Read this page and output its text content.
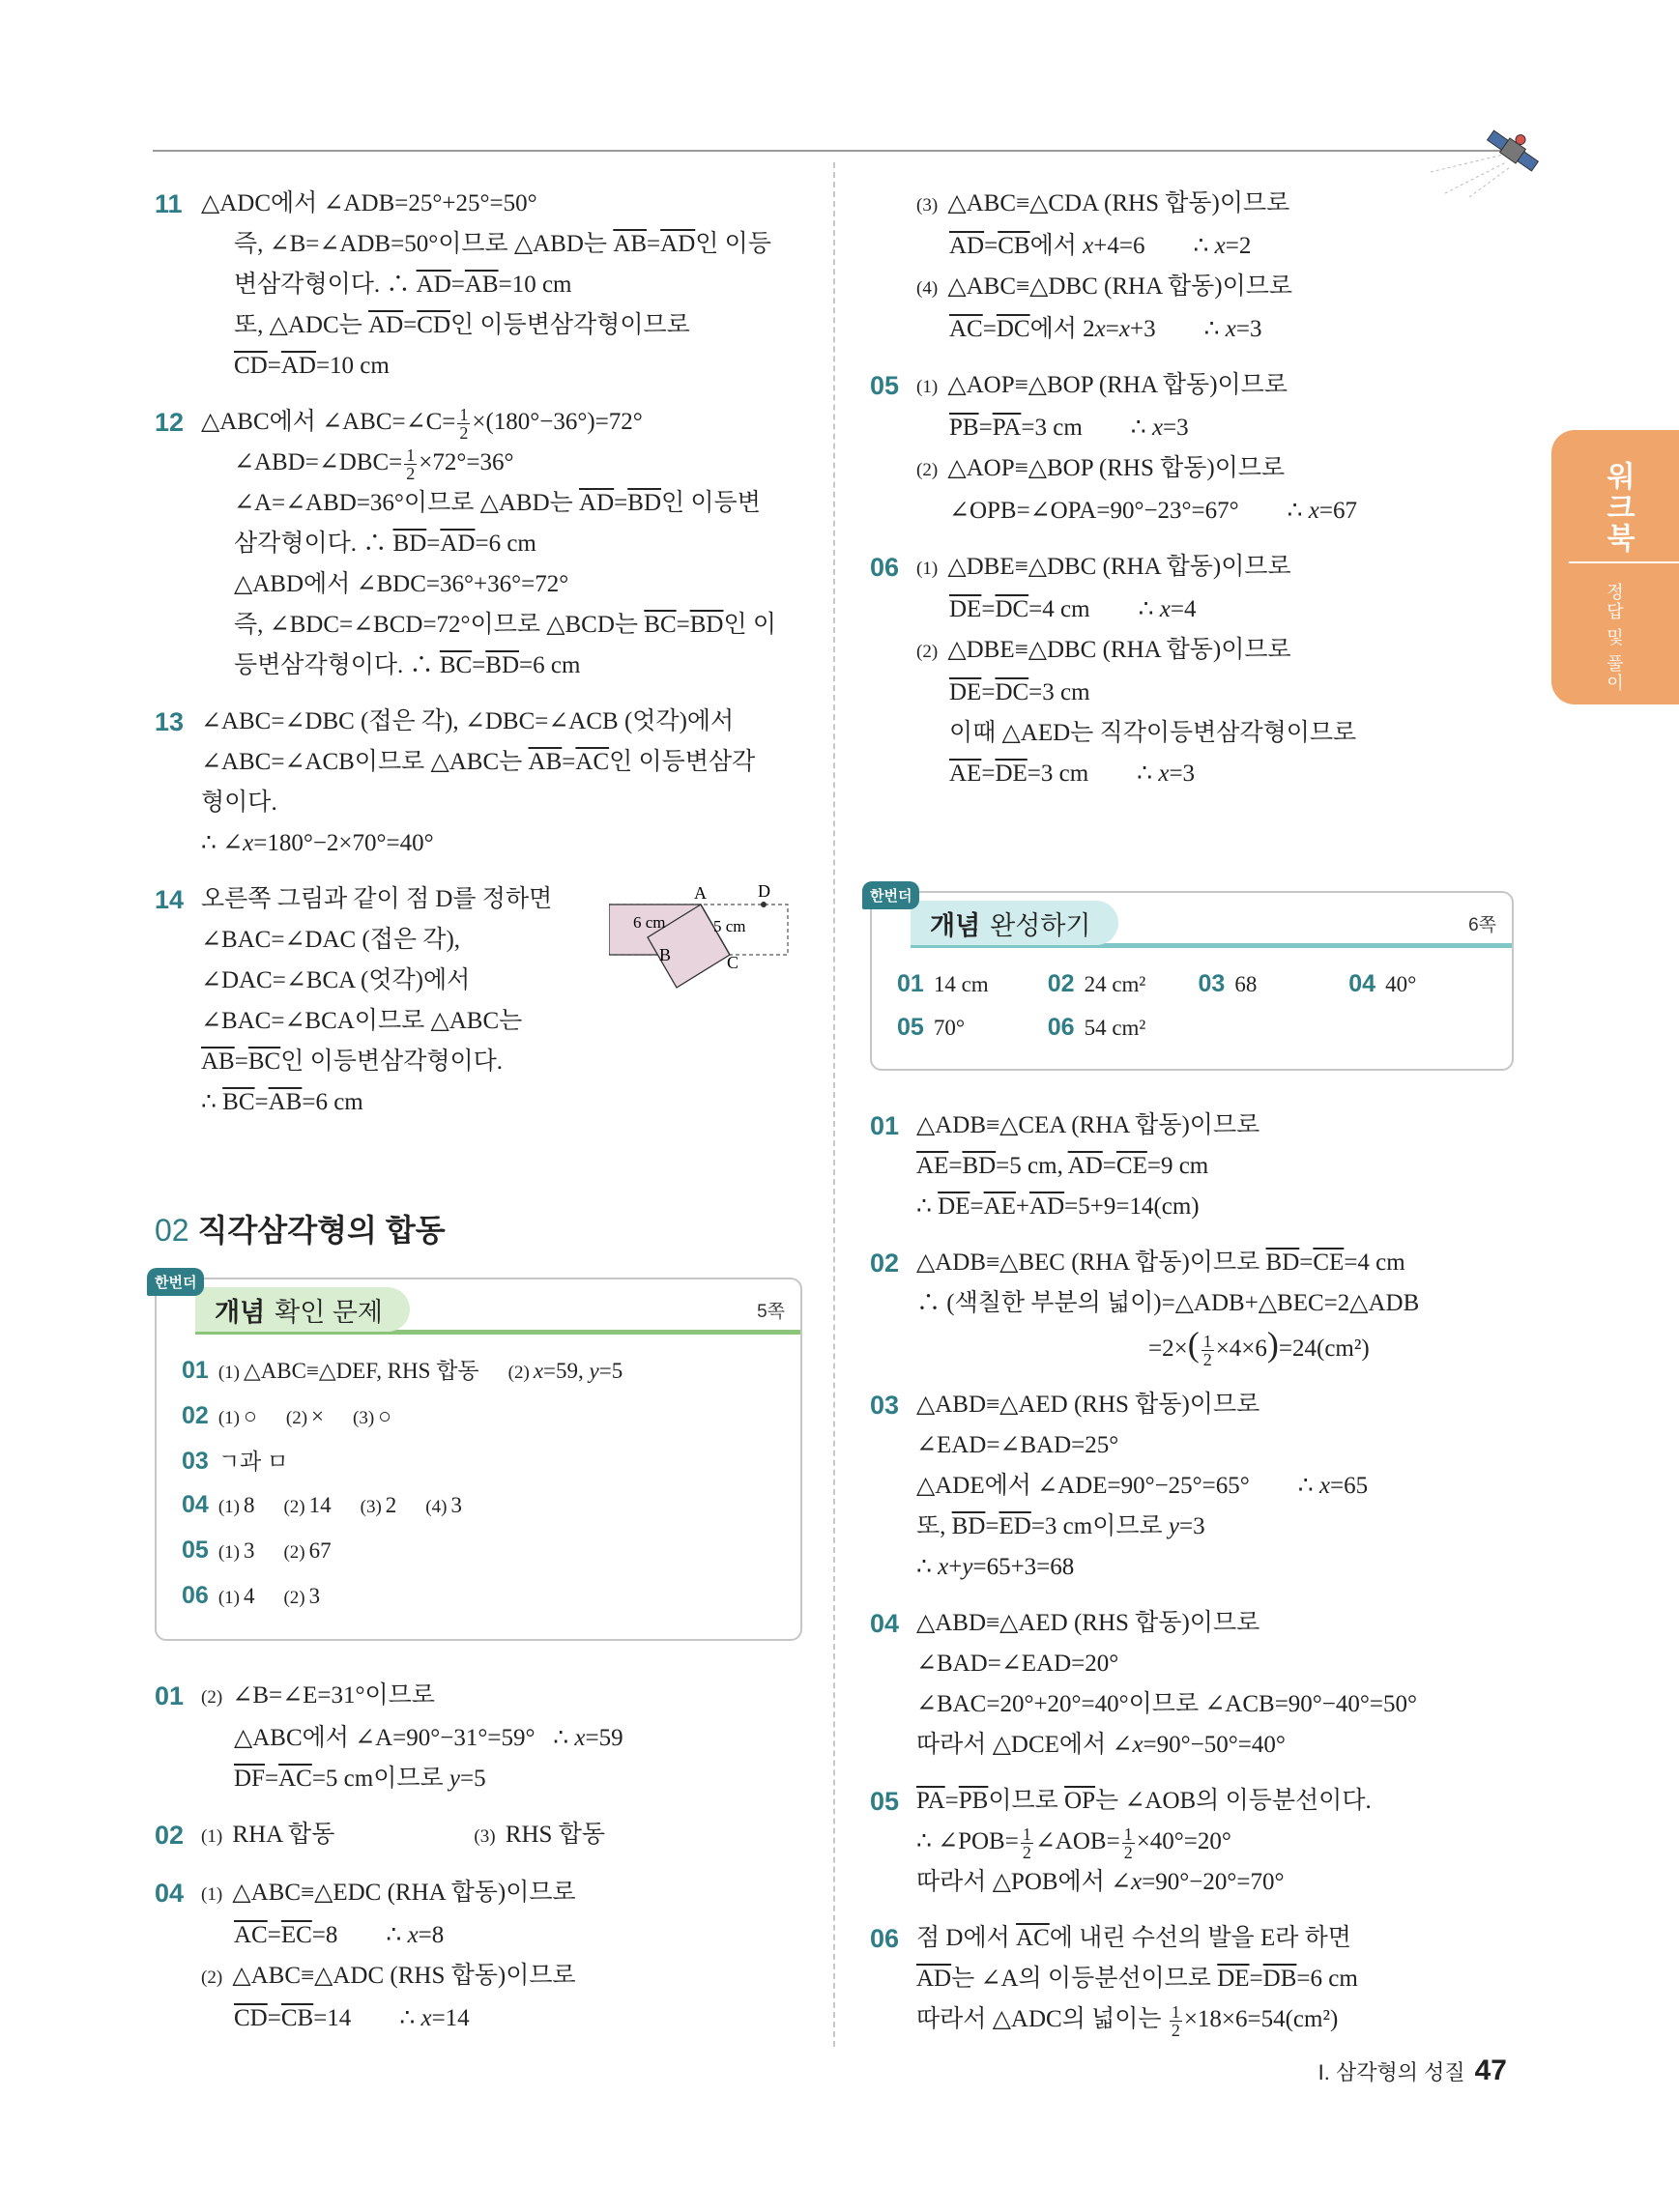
11 △ADC에서 ∠ADB=25°+25°=50°
즉, ∠B=∠ADB=50°이므로 △ABD는 $\overline{AB}=\overline{AD}$인 이등
변삼각형이다. ∴ $\overline{AD}=\overline{AB}=10$ cm
또, △ADC는 $\overline{AD}=\overline{CD}$인 이등변삼각형이므로
$\overline{CD}=\overline{AD}=10$ cm
12 △ABC에서 ∠ABC=∠C= $\frac{1}{2} \times(180^\circ-36^\circ)=72^\circ$
∠ABD=∠DBC= $\frac{1}{2} \times 72^\circ=36^\circ$
∠A=∠ABD=36°이므로 △ABD는 $\overline{AD}=\overline{BD}$인 이등변
삼각형이다. ∴ $\overline{BD}=\overline{AD}=6$ cm
△ABD에서 ∠BDC=36°+36°=72°
즉, ∠BDC=∠BCD=72°이므로 △BCD는 $\overline{BC}=\overline{BD}$인 이
등변삼각형이다. ∴ $\overline{BC}=\overline{BD}=6$ cm
13 ∠ABC=∠DBC (접은 각), ∠DBC=∠ACB (엇각)에서
∠ABC=∠ACB이므로 △ABC는 $\overline{AB}=\overline{AC}$인 이등변삼각
형이다.
∴ ∠x=180°−2×70°=40°
14 오른쪽 그림과 같이 점 D를 정하면
∠BAC=∠DAC (접은 각),
∠DAC=∠BCA (엇각)에서
∠BAC=∠BCA이므로 △ABC는
$\overline{AB}=\overline{BC}$인 이등변삼각형이다.
∴ $\overline{BC}=\overline{AB}=6$ cm
A	D
B	C
6 cm	5 cm
02 직각삼각형의 합동
개념 확인 문제
한번더
5쪽
01 (1) △ABC≡△DEF, RHS 합동 (2) x=59, y=5
02 (1) ○ (2) × (3) ○
03 ㄱ과 ㅁ
04 (1) 8 (2) 14 (3) 2 (4) 3
05 (1) 3 (2) 67
06 (1) 4 (2) 3
01 (2) ∠B=∠E=31°이므로
△ABC에서 ∠A=90°−31°=59°   ∴ x=59
$\overline{DF}=\overline{AC}=5$ cm이므로 y=5
02 (1) RHA 합동	(3) RHS 합동
04 (1) △ABC≡△EDC (RHA 합동)이므로
$\overline{AC}=\overline{EC}=8$ ∴ x=8
(2) △ABC≡△ADC (RHS 합동)이므로
$\overline{CD}=\overline{CB}=14$ ∴ x=14
(3) △ABC≡△CDA (RHS 합동)이므로
$\overline{AD}=\overline{CB}$에서 x+4=6 ∴ x=2
(4) △ABC≡△DBC (RHA 합동)이므로
$\overline{AC}=\overline{DC}$에서 2x=x+3 ∴ x=3
05 (1) △AOP≡△BOP (RHA 합동)이므로
$\overline{PB}=\overline{PA}=3$ cm ∴ x=3
(2) △AOP≡△BOP (RHS 합동)이므로
∠OPB=∠OPA=90°−23°=67° ∴ x=67
06 (1) △DBE≡△DBC (RHA 합동)이므로
$\overline{DE}=\overline{DC}=4$ cm ∴ x=4
(2) △DBE≡△DBC (RHA 합동)이므로
$\overline{DE}=\overline{DC}=3$ cm
이때 △AED는 직각이등변삼각형이므로
$\overline{AE}=\overline{DE}=3$ cm ∴ x=3
개념 완성하기
한번더
6쪽
01 14 cm 02 24 cm² 03 68	04 40°
05 70°	06 54 cm²
01 △ADB≡△CEA (RHA 합동)이므로
$\overline{AE}=\overline{BD}=5$ cm, $\overline{AD}=\overline{CE}=9$ cm
∴ $\overline{DE}=\overline{AE}+\overline{AD}=5+9=14(cm)$
02 △ADB≡△BEC (RHA 합동)이므로 $\overline{BD}=\overline{CE}=4$ cm
∴ (색칠한 부분의 넓이)=△ADB+△BEC=2△ADB
$=2\times( \frac{1}{2} \times 4\times 6)=24(cm^2)$
03 △ABD≡△AED (RHS 합동)이므로
∠EAD=∠BAD=25°
△ADE에서 ∠ADE=90°−25°=65° ∴ x=65
또, $\overline{BD}=\overline{ED}=3$ cm이므로 y=3
∴ x+y=65+3=68
04 △ABD≡△AED (RHS 합동)이므로
∠BAD=∠EAD=20°
∠BAC=20°+20°=40°이므로 ∠ACB=90°−40°=50°
따라서 △DCE에서 ∠x=90°−50°=40°
05 $\overline{PA}=\overline{PB}$이므로 $\overline{OP}$는 ∠AOB의 이등분선이다.
∴ ∠POB= $\frac{1}{2}$ ∠AOB= $\frac{1}{2} \times 40^\circ=20^\circ$
따라서 △POB에서 ∠x=90°−20°=70°
06 점 D에서 $\overline{AC}$에 내린 수선의 발을 E라 하면
$\overline{AD}$는 ∠A의 이등분선이므로 $\overline{DE}=\overline{DB}=6$ cm
따라서 △ADC의 넓이는 $\frac{1}{2} \times 18\times 6=54(cm^2)$
워크북
정답 및 풀이
I. 삼각형의 성질 47
